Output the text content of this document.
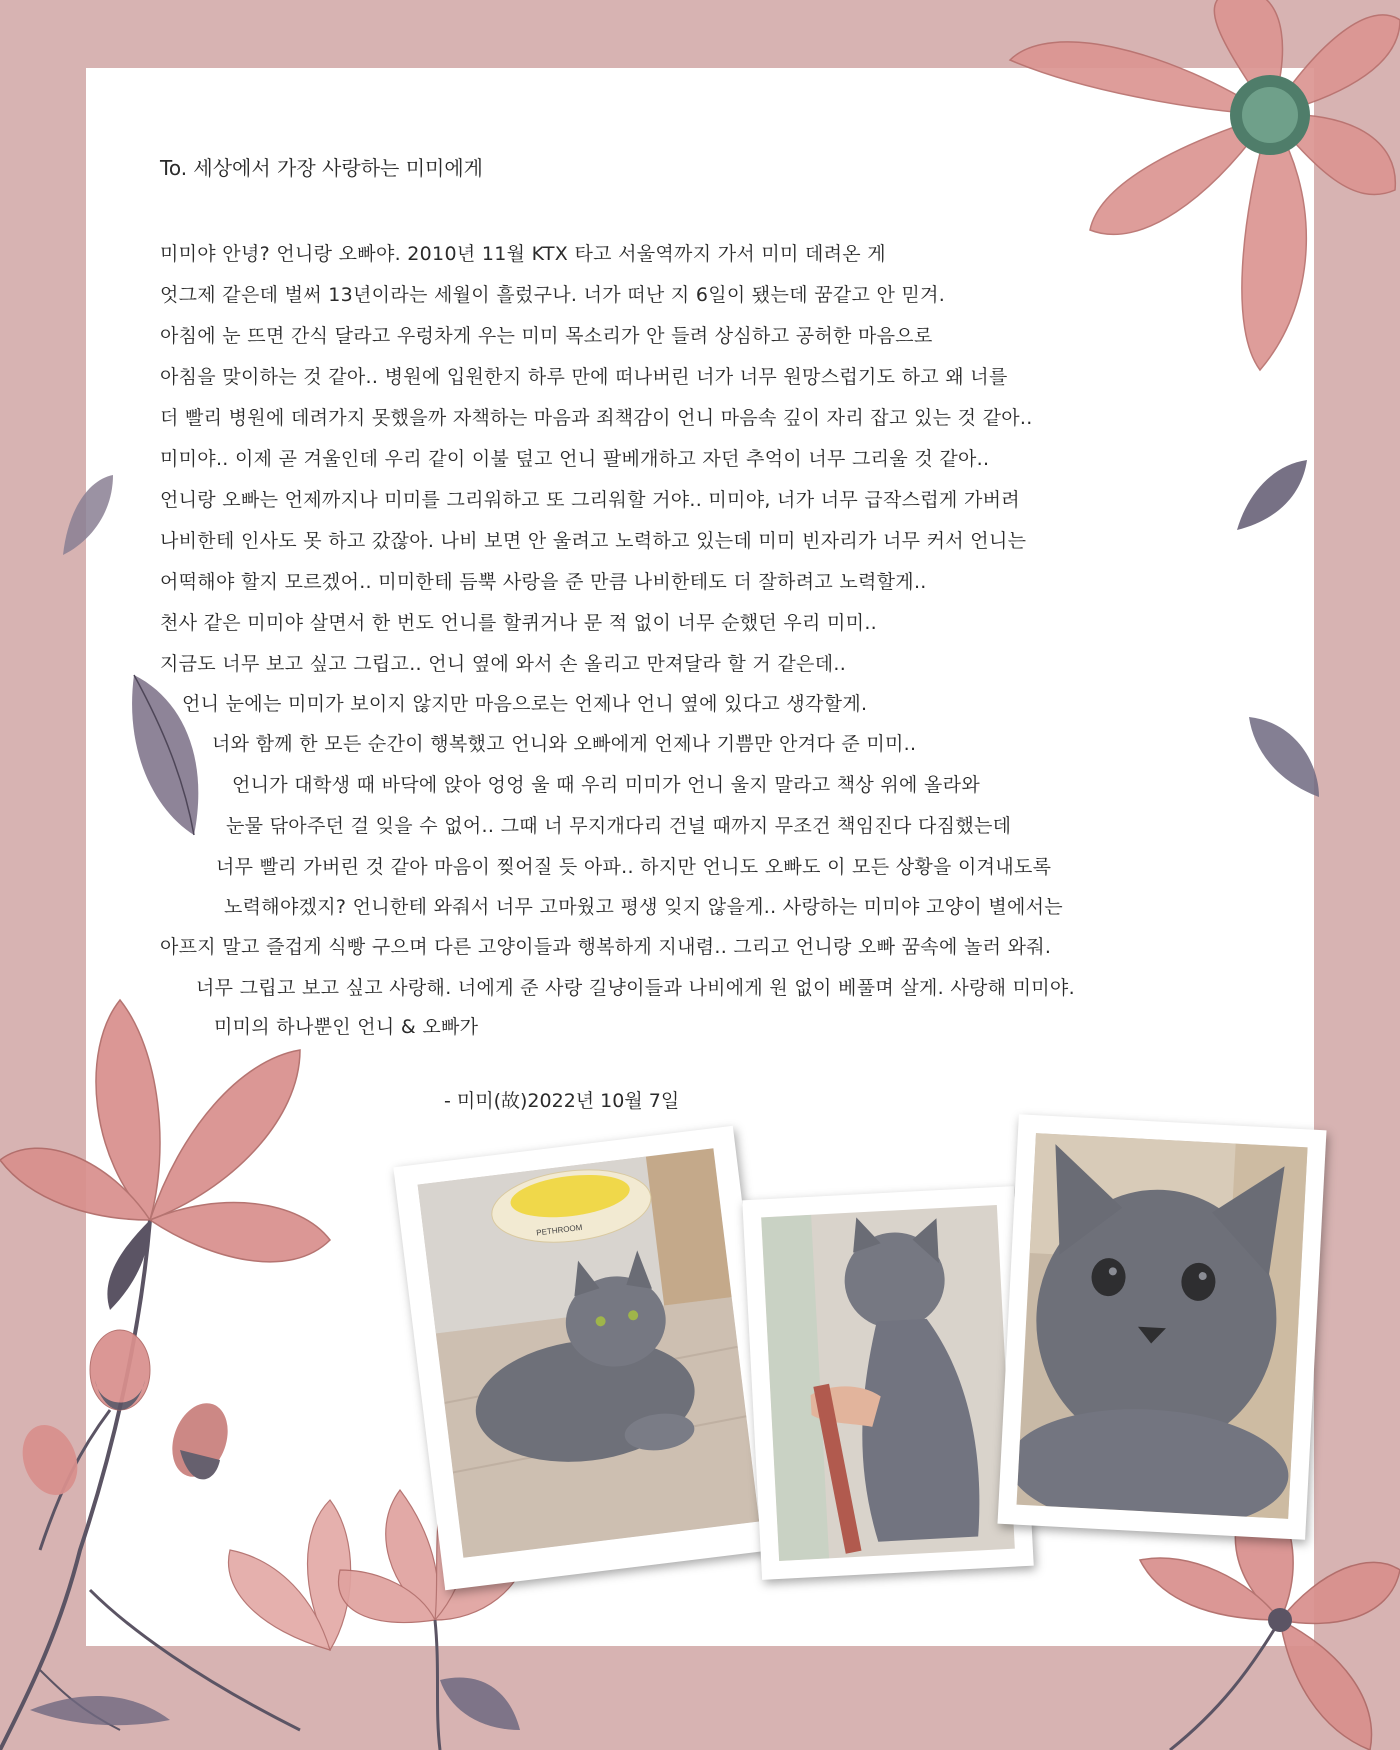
To. 세상에서 가장 사랑하는 미미에게
미미야 안녕? 언니랑 오빠야. 2010년 11월 KTX 타고 서울역까지 가서 미미 데려온 게
엇그제 같은데 벌써 13년이라는 세월이 흘렀구나. 너가 떠난 지 6일이 됐는데 꿈같고 안 믿겨.
아침에 눈 뜨면 간식 달라고 우렁차게 우는 미미 목소리가 안 들려 상심하고 공허한 마음으로
아침을 맞이하는 것 같아.. 병원에 입원한지 하루 만에 떠나버린 너가 너무 원망스럽기도 하고 왜 너를
더 빨리 병원에 데려가지 못했을까 자책하는 마음과 죄책감이 언니 마음속 깊이 자리 잡고 있는 것 같아..
미미야.. 이제 곧 겨울인데 우리 같이 이불 덮고 언니 팔베개하고 자던 추억이 너무 그리울 것 같아..
언니랑 오빠는 언제까지나 미미를 그리워하고 또 그리워할 거야.. 미미야, 너가 너무 급작스럽게 가버려
나비한테 인사도 못 하고 갔잖아. 나비 보면 안 울려고 노력하고 있는데 미미 빈자리가 너무 커서 언니는
어떡해야 할지 모르겠어.. 미미한테 듬뿍 사랑을 준 만큼 나비한테도 더 잘하려고 노력할게..
천사 같은 미미야 살면서 한 번도 언니를 할퀴거나 문 적 없이 너무 순했던 우리 미미..
지금도 너무 보고 싶고 그립고.. 언니 옆에 와서 손 올리고 만져달라 할 거 같은데..
언니 눈에는 미미가 보이지 않지만 마음으로는 언제나 언니 옆에 있다고 생각할게.
너와 함께 한 모든 순간이 행복했고 언니와 오빠에게 언제나 기쁨만 안겨다 준 미미..
언니가 대학생 때 바닥에 앉아 엉엉 울 때 우리 미미가 언니 울지 말라고 책상 위에 올라와
눈물 닦아주던 걸 잊을 수 없어.. 그때 너 무지개다리 건널 때까지 무조건 책임진다 다짐했는데
너무 빨리 가버린 것 같아 마음이 찢어질 듯 아파.. 하지만 언니도 오빠도 이 모든 상황을 이겨내도록
노력해야겠지? 언니한테 와줘서 너무 고마웠고 평생 잊지 않을게.. 사랑하는 미미야 고양이 별에서는
아프지 말고 즐겁게 식빵 구으며 다른 고양이들과 행복하게 지내렴.. 그리고 언니랑 오빠 꿈속에 놀러 와줘.
너무 그립고 보고 싶고 사랑해. 너에게 준 사랑 길냥이들과 나비에게 원 없이 베풀며 살게. 사랑해 미미야.
미미의 하나뿐인 언니 & 오빠가
- 미미(故)2022년 10월 7일
PETHROOM
